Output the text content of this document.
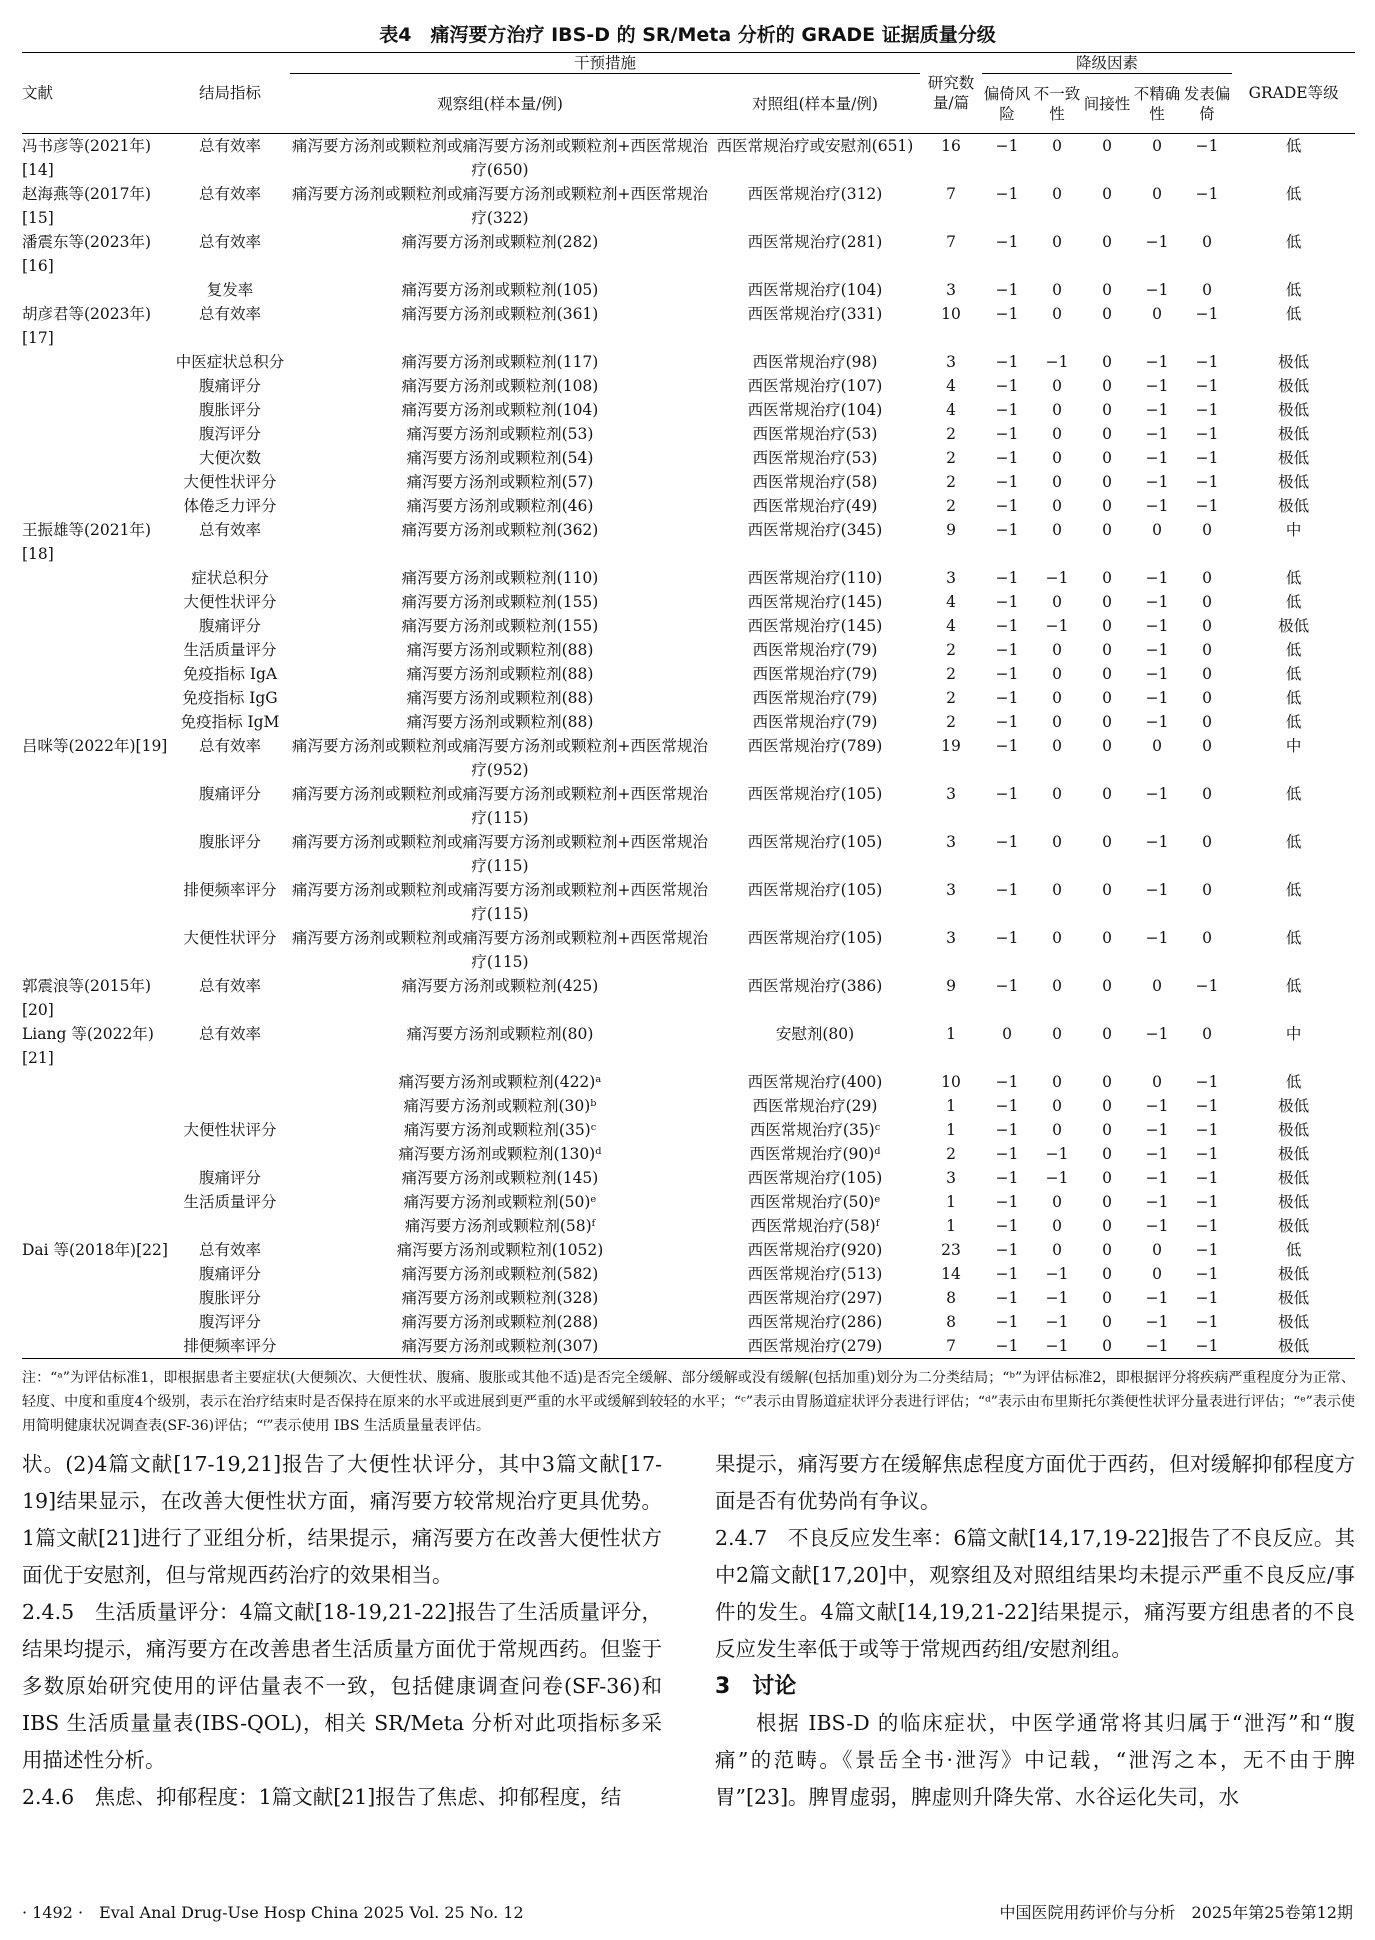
表4　痛泻要方治疗 IBS-D 的 SR/Meta 分析的 GRADE 证据质量分级
文献	结局指标	干预措施		研究数量/篇	降级因素					GRADE等级
		观察组(样本量/例)	对照组(样本量/例)		偏倚风险	不一致性	间接性	不精确性	发表偏倚	
冯书彦等(2021年)[14]	总有效率	痛泻要方汤剂或颗粒剂或痛泻要方汤剂或颗粒剂+西医常规治疗(650)	西医常规治疗或安慰剂(651)	16	−1	0	0	0	−1	低
赵海燕等(2017年)[15]	总有效率	痛泻要方汤剂或颗粒剂或痛泻要方汤剂或颗粒剂+西医常规治疗(322)	西医常规治疗(312)	7	−1	0	0	0	−1	低
潘震东等(2023年)[16]	总有效率	痛泻要方汤剂或颗粒剂(282)	西医常规治疗(281)	7	−1	0	0	−1	0	低
	复发率	痛泻要方汤剂或颗粒剂(105)	西医常规治疗(104)	3	−1	0	0	−1	0	低
胡彦君等(2023年)[17]	总有效率	痛泻要方汤剂或颗粒剂(361)	西医常规治疗(331)	10	−1	0	0	0	−1	低
	中医症状总积分	痛泻要方汤剂或颗粒剂(117)	西医常规治疗(98)	3	−1	−1	0	−1	−1	极低
	腹痛评分	痛泻要方汤剂或颗粒剂(108)	西医常规治疗(107)	4	−1	0	0	−1	−1	极低
	腹胀评分	痛泻要方汤剂或颗粒剂(104)	西医常规治疗(104)	4	−1	0	0	−1	−1	极低
	腹泻评分	痛泻要方汤剂或颗粒剂(53)	西医常规治疗(53)	2	−1	0	0	−1	−1	极低
	大便次数	痛泻要方汤剂或颗粒剂(54)	西医常规治疗(53)	2	−1	0	0	−1	−1	极低
	大便性状评分	痛泻要方汤剂或颗粒剂(57)	西医常规治疗(58)	2	−1	0	0	−1	−1	极低
	体倦乏力评分	痛泻要方汤剂或颗粒剂(46)	西医常规治疗(49)	2	−1	0	0	−1	−1	极低
王振雄等(2021年)[18]	总有效率	痛泻要方汤剂或颗粒剂(362)	西医常规治疗(345)	9	−1	0	0	0	0	中
	症状总积分	痛泻要方汤剂或颗粒剂(110)	西医常规治疗(110)	3	−1	−1	0	−1	0	低
	大便性状评分	痛泻要方汤剂或颗粒剂(155)	西医常规治疗(145)	4	−1	0	0	−1	0	低
	腹痛评分	痛泻要方汤剂或颗粒剂(155)	西医常规治疗(145)	4	−1	−1	0	−1	0	极低
	生活质量评分	痛泻要方汤剂或颗粒剂(88)	西医常规治疗(79)	2	−1	0	0	−1	0	低
	免疫指标 IgA	痛泻要方汤剂或颗粒剂(88)	西医常规治疗(79)	2	−1	0	0	−1	0	低
	免疫指标 IgG	痛泻要方汤剂或颗粒剂(88)	西医常规治疗(79)	2	−1	0	0	−1	0	低
	免疫指标 IgM	痛泻要方汤剂或颗粒剂(88)	西医常规治疗(79)	2	−1	0	0	−1	0	低
吕咪等(2022年)[19]	总有效率	痛泻要方汤剂或颗粒剂或痛泻要方汤剂或颗粒剂+西医常规治疗(952)	西医常规治疗(789)	19	−1	0	0	0	0	中
	腹痛评分	痛泻要方汤剂或颗粒剂或痛泻要方汤剂或颗粒剂+西医常规治疗(115)	西医常规治疗(105)	3	−1	0	0	−1	0	低
	腹胀评分	痛泻要方汤剂或颗粒剂或痛泻要方汤剂或颗粒剂+西医常规治疗(115)	西医常规治疗(105)	3	−1	0	0	−1	0	低
	排便频率评分	痛泻要方汤剂或颗粒剂或痛泻要方汤剂或颗粒剂+西医常规治疗(115)	西医常规治疗(105)	3	−1	0	0	−1	0	低
	大便性状评分	痛泻要方汤剂或颗粒剂或痛泻要方汤剂或颗粒剂+西医常规治疗(115)	西医常规治疗(105)	3	−1	0	0	−1	0	低
郭震浪等(2015年)[20]	总有效率	痛泻要方汤剂或颗粒剂(425)	西医常规治疗(386)	9	−1	0	0	0	−1	低
Liang 等(2022年)[21]	总有效率	痛泻要方汤剂或颗粒剂(80)	安慰剂(80)	1	0	0	0	−1	0	中
		痛泻要方汤剂或颗粒剂(422)ᵃ	西医常规治疗(400)	10	−1	0	0	0	−1	低
		痛泻要方汤剂或颗粒剂(30)ᵇ	西医常规治疗(29)	1	−1	0	0	−1	−1	极低
	大便性状评分	痛泻要方汤剂或颗粒剂(35)ᶜ	西医常规治疗(35)ᶜ	1	−1	0	0	−1	−1	极低
		痛泻要方汤剂或颗粒剂(130)ᵈ	西医常规治疗(90)ᵈ	2	−1	−1	0	−1	−1	极低
	腹痛评分	痛泻要方汤剂或颗粒剂(145)	西医常规治疗(105)	3	−1	−1	0	−1	−1	极低
	生活质量评分	痛泻要方汤剂或颗粒剂(50)ᵉ	西医常规治疗(50)ᵉ	1	−1	0	0	−1	−1	极低
		痛泻要方汤剂或颗粒剂(58)ᶠ	西医常规治疗(58)ᶠ	1	−1	0	0	−1	−1	极低
Dai 等(2018年)[22]	总有效率	痛泻要方汤剂或颗粒剂(1052)	西医常规治疗(920)	23	−1	0	0	0	−1	低
	腹痛评分	痛泻要方汤剂或颗粒剂(582)	西医常规治疗(513)	14	−1	−1	0	0	−1	极低
	腹胀评分	痛泻要方汤剂或颗粒剂(328)	西医常规治疗(297)	8	−1	−1	0	−1	−1	极低
	腹泻评分	痛泻要方汤剂或颗粒剂(288)	西医常规治疗(286)	8	−1	−1	0	−1	−1	极低
	排便频率评分	痛泻要方汤剂或颗粒剂(307)	西医常规治疗(279)	7	−1	−1	0	−1	−1	极低
注：“ᵃ”为评估标准1，即根据患者主要症状(大便频次、大便性状、腹痛、腹胀或其他不适)是否完全缓解、部分缓解或没有缓解(包括加重)划分为二分类结局；“ᵇ”为评估标准2，即根据评分将疾病严重程度分为正常、轻度、中度和重度4个级别，表示在治疗结束时是否保持在原来的水平或进展到更严重的水平或缓解到较轻的水平；“ᶜ”表示由胃肠道症状评分表进行评估；“ᵈ”表示由布里斯托尔粪便性状评分量表进行评估；“ᵉ”表示使用简明健康状况调查表(SF-36)评估；“ᶠ”表示使用 IBS 生活质量量表评估。

状。(2)4篇文献[17-19,21]报告了大便性状评分，其中3篇文献[17-19]结果显示，在改善大便性状方面，痛泻要方较常规治疗更具优势。1篇文献[21]进行了亚组分析，结果提示，痛泻要方在改善大便性状方面优于安慰剂，但与常规西药治疗的效果相当。

2.4.5　生活质量评分：4篇文献[18-19,21-22]报告了生活质量评分，结果均提示，痛泻要方在改善患者生活质量方面优于常规西药。但鉴于多数原始研究使用的评估量表不一致，包括健康调查问卷(SF-36)和 IBS 生活质量量表(IBS-QOL)，相关 SR/Meta 分析对此项指标多采用描述性分析。

2.4.6　焦虑、抑郁程度：1篇文献[21]报告了焦虑、抑郁程度，结

果提示，痛泻要方在缓解焦虑程度方面优于西药，但对缓解抑郁程度方面是否有优势尚有争议。

2.4.7　不良反应发生率：6篇文献[14,17,19-22]报告了不良反应。其中2篇文献[17,20]中，观察组及对照组结果均未提示严重不良反应/事件的发生。4篇文献[14,19,21-22]结果提示，痛泻要方组患者的不良反应发生率低于或等于常规西药组/安慰剂组。

3　讨论

根据 IBS-D 的临床症状，中医学通常将其归属于“泄泻”和“腹痛”的范畴。《景岳全书·泄泻》中记载，“泄泻之本，无不由于脾胃”[23]。脾胃虚弱，脾虚则升降失常、水谷运化失司，水

· 1492 ·　Eval Anal Drug-Use Hosp China 2025 Vol. 25 No. 12	中国医院用药评价与分析　2025年第25卷第12期
